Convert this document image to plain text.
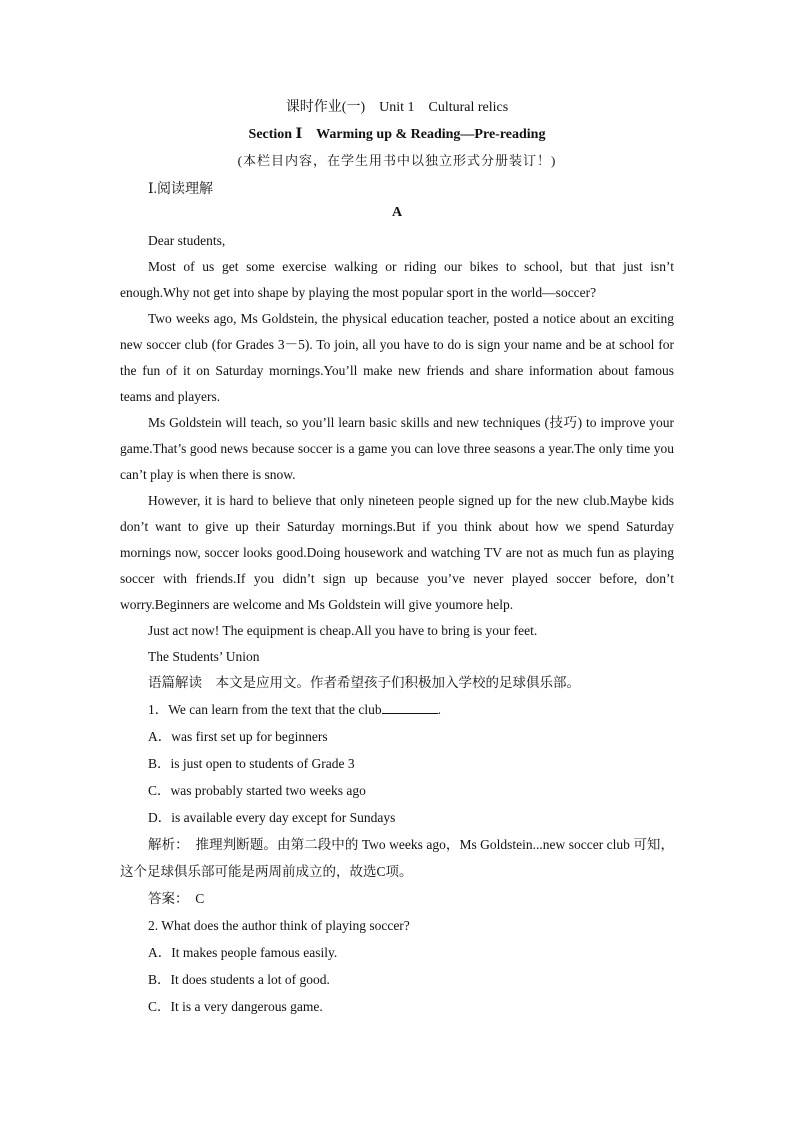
课时作业(一)　Unit 1　Cultural relics
Section Ⅰ　Warming up & Reading—Pre-reading
(本栏目内容，在学生用书中以独立形式分册装订！)
Ⅰ.阅读理解
A

Dear students,

Most of us get some exercise walking or riding our bikes to school, but that just isn’t enough.Why not get into shape by playing the most popular sport in the world—soccer?

Two weeks ago, Ms Goldstein, the physical education teacher, posted a notice about an exciting new soccer club (for Grades 3－5). To join, all you have to do is sign your name and be at school for the fun of it on Saturday mornings.You’ll make new friends and share information about famous teams and players.

Ms Goldstein will teach, so you’ll learn basic skills and new techniques (技巧) to improve your game.That’s good news because soccer is a game you can love three seasons a year.The only time you can’t play is when there is snow.

However, it is hard to believe that only nineteen people signed up for the new club.Maybe kids don’t want to give up their Saturday mornings.But if you think about how we spend Saturday mornings now, soccer looks good.Doing housework and watching TV are not as much fun as playing soccer with friends.If you didn’t sign up because you’ve never played soccer before, don’t worry.Beginners are welcome and Ms Goldstein will give youmore help.

Just act now! The equipment is cheap.All you have to bring is your feet.

The Students’ Union

语篇解读　本文是应用文。作者希望孩子们积极加入学校的足球俱乐部。

1．We can learn from the text that the club	.

A．was first set up for beginners

B．is just open to students of Grade 3

C．was probably started two weeks ago

D．is available every day except for Sundays

解析：　推理判断题。由第二段中的 Two weeks ago，Ms Goldstein...new soccer club 可知，这个足球俱乐部可能是两周前成立的，故选C项。

答案：　C

2. What does the author think of playing soccer?

A．It makes people famous easily.

B．It does students a lot of good.

C．It is a very dangerous game.
